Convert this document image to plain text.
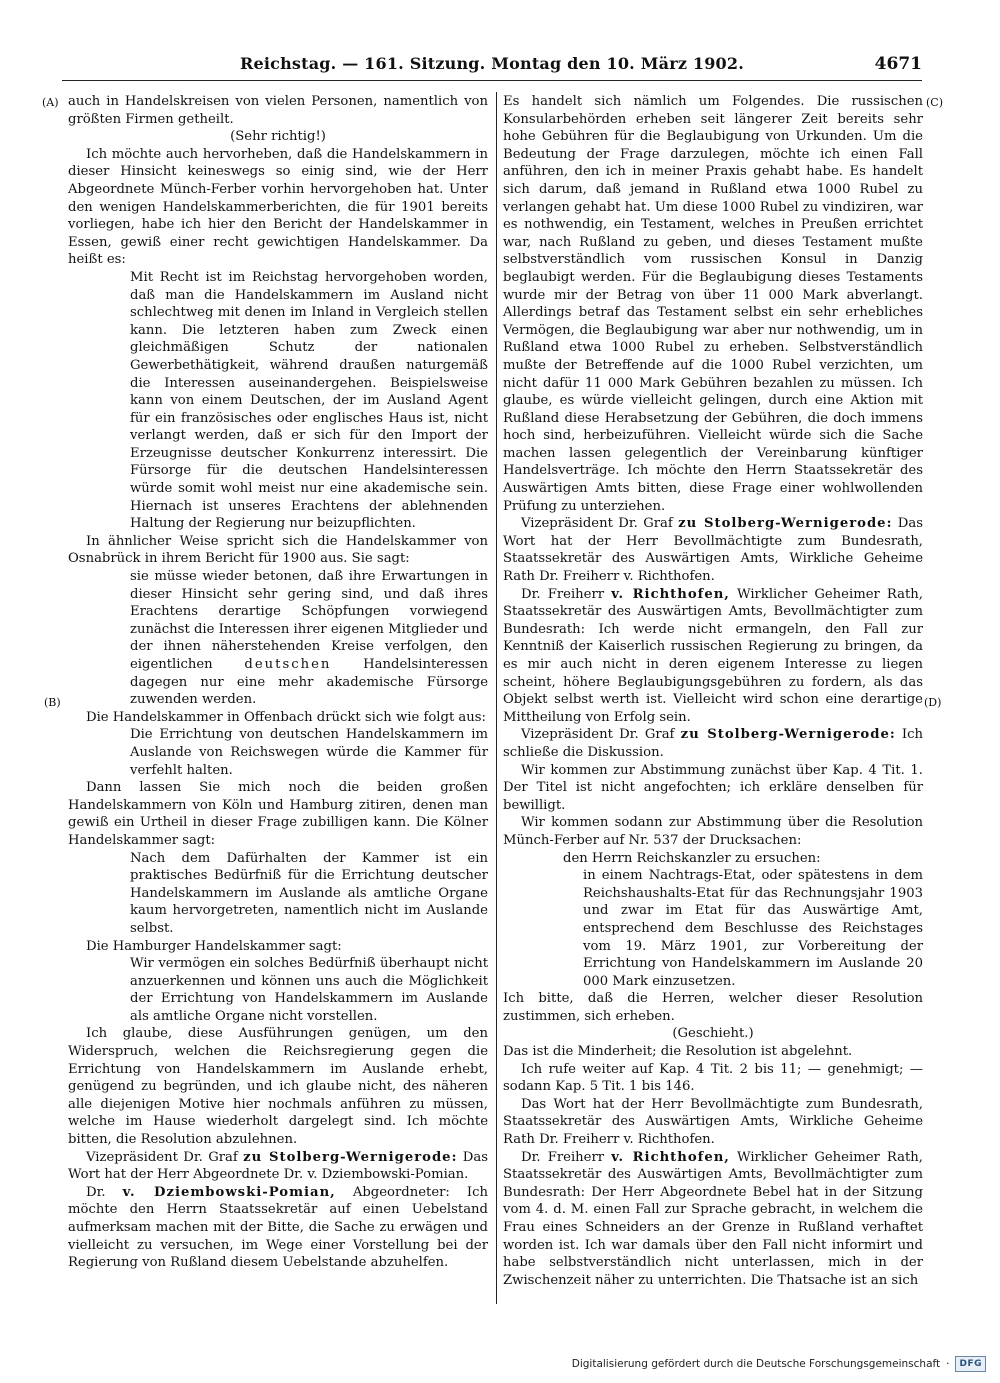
Reichstag. — 161. Sitzung. Montag den 10. März 1902.	4671
(A)
(B)
(C)
(D)

auch in Handelskreisen von vielen Personen, namentlich von größten Firmen getheilt.

(Sehr richtig!)

Ich möchte auch hervorheben, daß die Handelskammern in dieser Hinsicht keineswegs so einig sind, wie der Herr Abgeordnete Münch-Ferber vorhin hervorgehoben hat. Unter den wenigen Handelskammerberichten, die für 1901 bereits vorliegen, habe ich hier den Bericht der Handelskammer in Essen, gewiß einer recht gewichtigen Handelskammer. Da heißt es:

Mit Recht ist im Reichstag hervorgehoben worden, daß man die Handelskammern im Ausland nicht schlechtweg mit denen im Inland in Vergleich stellen kann. Die letzteren haben zum Zweck einen gleichmäßigen Schutz der nationalen Gewerbethätigkeit, während draußen naturgemäß die Interessen auseinandergehen. Beispielsweise kann von einem Deutschen, der im Ausland Agent für ein französisches oder englisches Haus ist, nicht verlangt werden, daß er sich für den Import der Erzeugnisse deutscher Konkurrenz interessirt. Die Fürsorge für die deutschen Handelsinteressen würde somit wohl meist nur eine akademische sein. Hiernach ist unseres Erachtens der ablehnenden Haltung der Regierung nur beizupflichten.

In ähnlicher Weise spricht sich die Handelskammer von Osnabrück in ihrem Bericht für 1900 aus. Sie sagt:

sie müsse wieder betonen, daß ihre Erwartungen in dieser Hinsicht sehr gering sind, und daß ihres Erachtens derartige Schöpfungen vorwiegend zunächst die Interessen ihrer eigenen Mitglieder und der ihnen näherstehenden Kreise verfolgen, den eigentlichen deutschen Handelsinteressen dagegen nur eine mehr akademische Fürsorge zuwenden werden.

Die Handelskammer in Offenbach drückt sich wie folgt aus:

Die Errichtung von deutschen Handelskammern im Auslande von Reichswegen würde die Kammer für verfehlt halten.

Dann lassen Sie mich noch die beiden großen Handelskammern von Köln und Hamburg zitiren, denen man gewiß ein Urtheil in dieser Frage zubilligen kann. Die Kölner Handelskammer sagt:

Nach dem Dafürhalten der Kammer ist ein praktisches Bedürfniß für die Errichtung deutscher Handelskammern im Auslande als amtliche Organe kaum hervorgetreten, namentlich nicht im Auslande selbst.

Die Hamburger Handelskammer sagt:

Wir vermögen ein solches Bedürfniß überhaupt nicht anzuerkennen und können uns auch die Möglichkeit der Errichtung von Handelskammern im Auslande als amtliche Organe nicht vorstellen.

Ich glaube, diese Ausführungen genügen, um den Widerspruch, welchen die Reichsregierung gegen die Errichtung von Handelskammern im Auslande erhebt, genügend zu begründen, und ich glaube nicht, des näheren alle diejenigen Motive hier nochmals anführen zu müssen, welche im Hause wiederholt dargelegt sind. Ich möchte bitten, die Resolution abzulehnen.

Vizepräsident Dr. Graf zu Stolberg-Wernigerode: Das Wort hat der Herr Abgeordnete Dr. v. Dziembowski-Pomian.

Dr. v. Dziembowski-Pomian, Abgeordneter: Ich möchte den Herrn Staatssekretär auf einen Uebelstand aufmerksam machen mit der Bitte, die Sache zu erwägen und vielleicht zu versuchen, im Wege einer Vorstellung bei der Regierung von Rußland diesem Uebelstande abzuhelfen.

Es handelt sich nämlich um Folgendes. Die russischen Konsularbehörden erheben seit längerer Zeit bereits sehr hohe Gebühren für die Beglaubigung von Urkunden. Um die Bedeutung der Frage darzulegen, möchte ich einen Fall anführen, den ich in meiner Praxis gehabt habe. Es handelt sich darum, daß jemand in Rußland etwa 1000 Rubel zu verlangen gehabt hat. Um diese 1000 Rubel zu vindiziren, war es nothwendig, ein Testament, welches in Preußen errichtet war, nach Rußland zu geben, und dieses Testament mußte selbstverständlich vom russischen Konsul in Danzig beglaubigt werden. Für die Beglaubigung dieses Testaments wurde mir der Betrag von über 11 000 Mark abverlangt. Allerdings betraf das Testament selbst ein sehr erhebliches Vermögen, die Beglaubigung war aber nur nothwendig, um in Rußland etwa 1000 Rubel zu erheben. Selbstverständlich mußte der Betreffende auf die 1000 Rubel verzichten, um nicht dafür 11 000 Mark Gebühren bezahlen zu müssen. Ich glaube, es würde vielleicht gelingen, durch eine Aktion mit Rußland diese Herabsetzung der Gebühren, die doch immens hoch sind, herbeizuführen. Vielleicht würde sich die Sache machen lassen gelegentlich der Vereinbarung künftiger Handelsverträge. Ich möchte den Herrn Staatssekretär des Auswärtigen Amts bitten, diese Frage einer wohlwollenden Prüfung zu unterziehen.

Vizepräsident Dr. Graf zu Stolberg-Wernigerode: Das Wort hat der Herr Bevollmächtigte zum Bundesrath, Staatssekretär des Auswärtigen Amts, Wirkliche Geheime Rath Dr. Freiherr v. Richthofen.

Dr. Freiherr v. Richthofen, Wirklicher Geheimer Rath, Staatssekretär des Auswärtigen Amts, Bevollmächtigter zum Bundesrath: Ich werde nicht ermangeln, den Fall zur Kenntniß der Kaiserlich russischen Regierung zu bringen, da es mir auch nicht in deren eigenem Interesse zu liegen scheint, höhere Beglaubigungsgebühren zu fordern, als das Objekt selbst werth ist. Vielleicht wird schon eine derartige Mittheilung von Erfolg sein.

Vizepräsident Dr. Graf zu Stolberg-Wernigerode: Ich schließe die Diskussion.

Wir kommen zur Abstimmung zunächst über Kap. 4 Tit. 1. Der Titel ist nicht angefochten; ich erkläre denselben für bewilligt.

Wir kommen sodann zur Abstimmung über die Resolution Münch-Ferber auf Nr. 537 der Drucksachen:

den Herrn Reichskanzler zu ersuchen:

in einem Nachtrags-Etat, oder spätestens in dem Reichshaushalts-Etat für das Rechnungsjahr 1903 und zwar im Etat für das Auswärtige Amt, entsprechend dem Beschlusse des Reichstages vom 19. März 1901, zur Vorbereitung der Errichtung von Handelskammern im Auslande 20 000 Mark einzusetzen.

Ich bitte, daß die Herren, welcher dieser Resolution zustimmen, sich erheben.

(Geschieht.)

Das ist die Minderheit; die Resolution ist abgelehnt.

Ich rufe weiter auf Kap. 4 Tit. 2 bis 11; — genehmigt; — sodann Kap. 5 Tit. 1 bis 146.

Das Wort hat der Herr Bevollmächtigte zum Bundesrath, Staatssekretär des Auswärtigen Amts, Wirkliche Geheime Rath Dr. Freiherr v. Richthofen.

Dr. Freiherr v. Richthofen, Wirklicher Geheimer Rath, Staatssekretär des Auswärtigen Amts, Bevollmächtigter zum Bundesrath: Der Herr Abgeordnete Bebel hat in der Sitzung vom 4. d. M. einen Fall zur Sprache gebracht, in welchem die Frau eines Schneiders an der Grenze in Rußland verhaftet worden ist. Ich war damals über den Fall nicht informirt und habe selbstverständlich nicht unterlassen, mich in der Zwischenzeit näher zu unterrichten. Die Thatsache ist an sich

Digitalisierung gefördert durch die Deutsche Forschungsgemeinschaft ·	DFG
